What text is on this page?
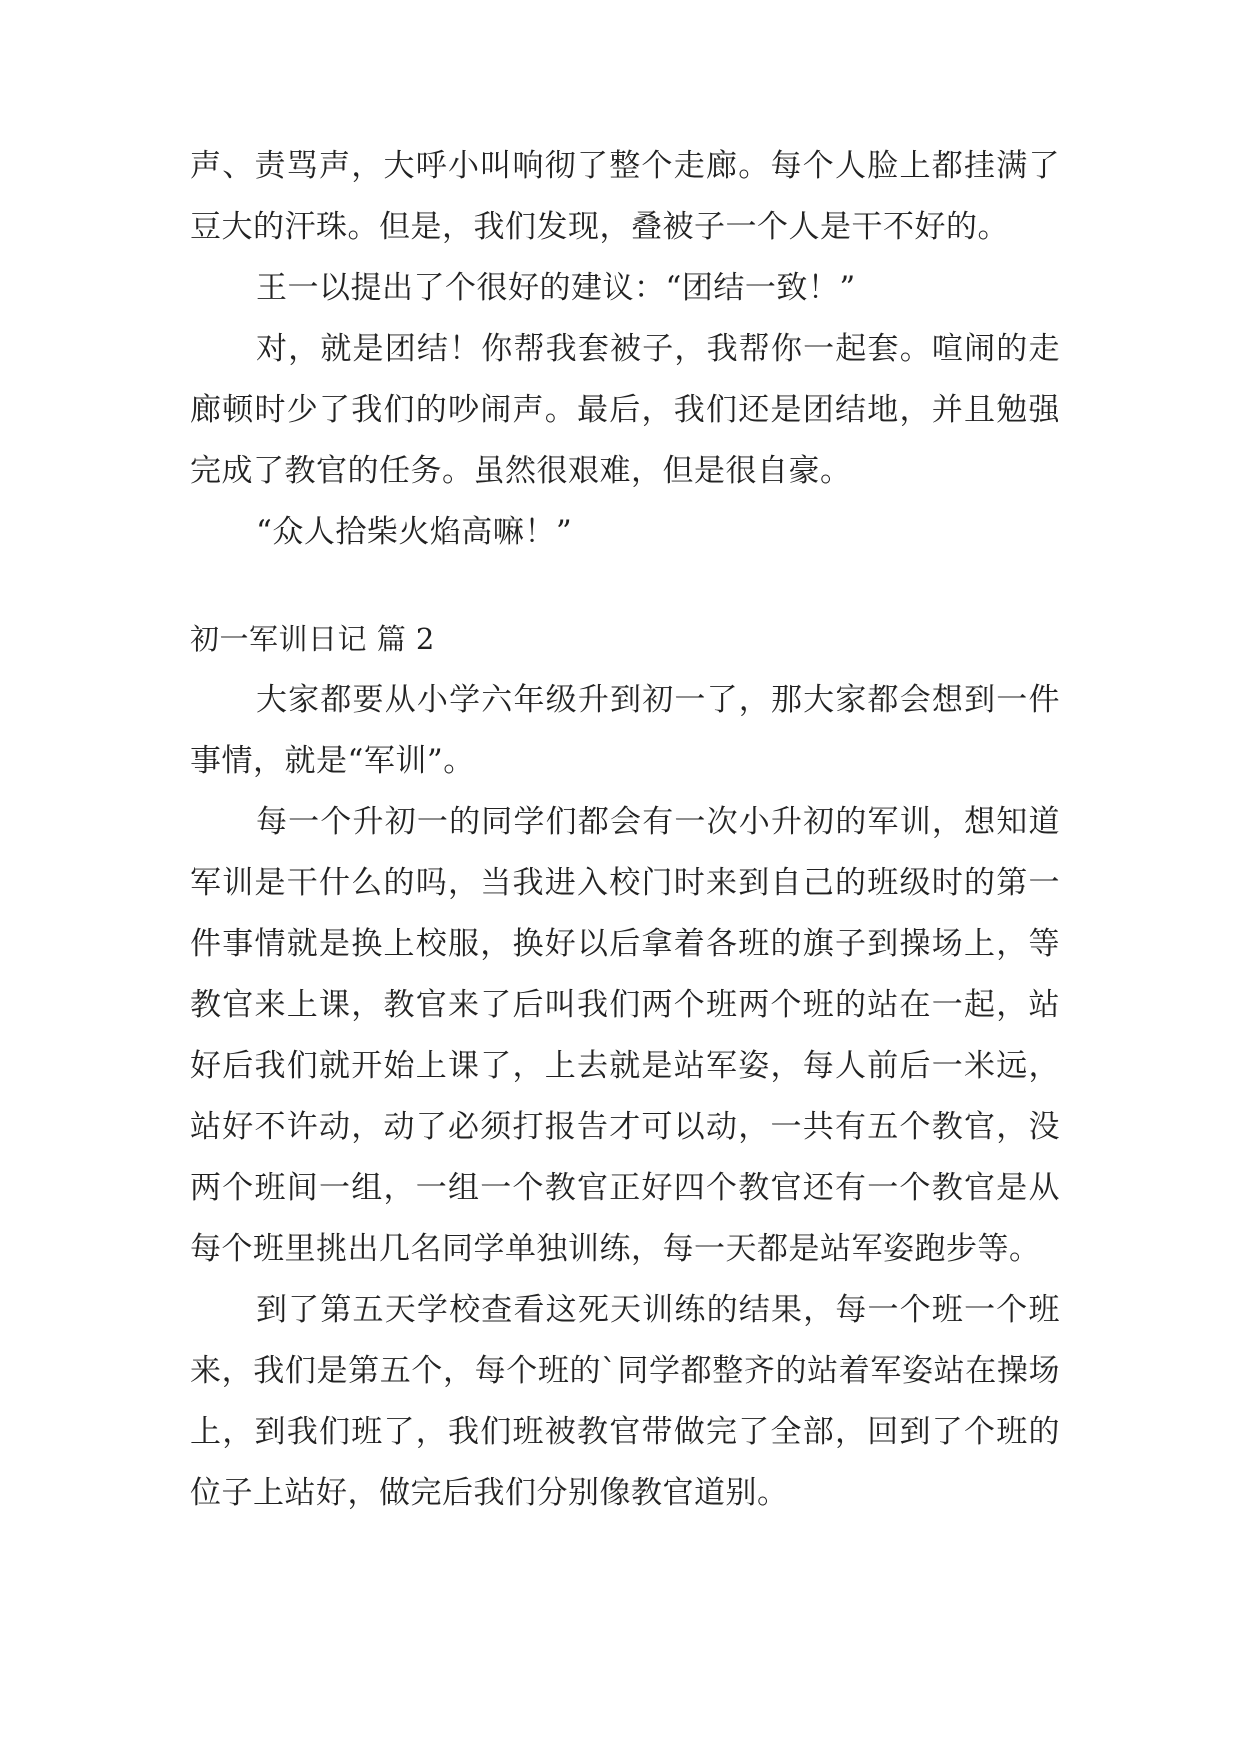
声、责骂声，大呼小叫响彻了整个走廊。每个人脸上都挂满了豆大的汗珠。但是，我们发现，叠被子一个人是干不好的。

王一以提出了个很好的建议：“团结一致！”

对，就是团结！你帮我套被子，我帮你一起套。喧闹的走廊顿时少了我们的吵闹声。最后，我们还是团结地，并且勉强完成了教官的任务。虽然很艰难，但是很自豪。

“众人拾柴火焰高嘛！”

初一军训日记 篇 2

大家都要从小学六年级升到初一了，那大家都会想到一件事情，就是“军训”。

每一个升初一的同学们都会有一次小升初的军训，想知道军训是干什么的吗，当我进入校门时来到自己的班级时的第一件事情就是换上校服，换好以后拿着各班的旗子到操场上，等教官来上课，教官来了后叫我们两个班两个班的站在一起，站好后我们就开始上课了，上去就是站军姿，每人前后一米远，站好不许动，动了必须打报告才可以动，一共有五个教官，没两个班间一组，一组一个教官正好四个教官还有一个教官是从每个班里挑出几名同学单独训练，每一天都是站军姿跑步等。

到了第五天学校查看这死天训练的结果，每一个班一个班来，我们是第五个，每个班的`同学都整齐的站着军姿站在操场上，到我们班了，我们班被教官带做完了全部，回到了个班的位子上站好，做完后我们分别像教官道别。
